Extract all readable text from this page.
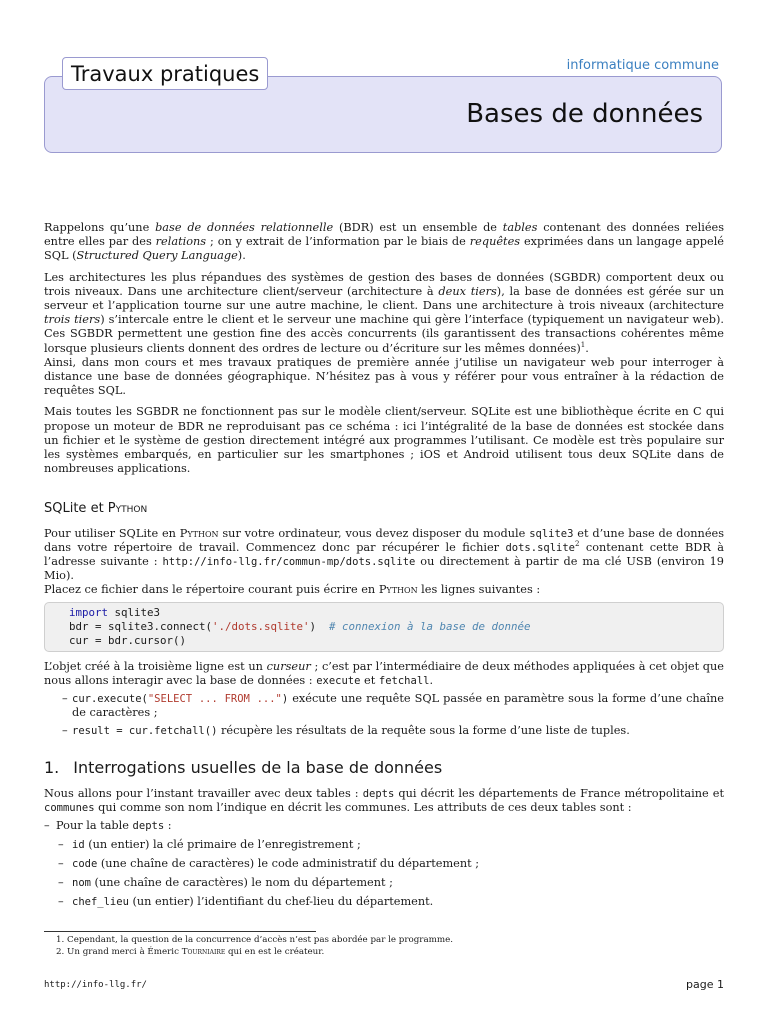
Travaux pratiques	informatique commune
Bases de données

Rappelons qu’une base de données relationnelle (BDR) est un ensemble de tables contenant des données reliées entre elles par des relations ; on y extrait de l’information par le biais de requêtes exprimées dans un langage appelé SQL (Structured Query Language).

Les architectures les plus répandues des systèmes de gestion des bases de données (SGBDR) comportent deux ou trois niveaux. Dans une architecture client/serveur (architecture à deux tiers), la base de données est gérée sur un serveur et l’application tourne sur une autre machine, le client. Dans une architecture à trois niveaux (architecture trois tiers) s’intercale entre le client et le serveur une machine qui gère l’interface (typiquement un navigateur web). Ces SGBDR permettent une gestion fine des accès concurrents (ils garantissent des transactions cohérentes même lorsque plusieurs clients donnent des ordres de lecture ou d’écriture sur les mêmes données)$^1$.

Ainsi, dans mon cours et mes travaux pratiques de première année j’utilise un navigateur web pour interroger à distance une base de données géographique. N’hésitez pas à vous y référer pour vous entraîner à la rédaction de requêtes SQL.

Mais toutes les SGBDR ne fonctionnent pas sur le modèle client/serveur. SQLite est une bibliothèque écrite en C qui propose un moteur de BDR ne reproduisant pas ce schéma : ici l’intégralité de la base de données est stockée dans un fichier et le système de gestion directement intégré aux programmes l’utilisant. Ce modèle est très populaire sur les systèmes embarqués, en particulier sur les smartphones ; iOS et Android utilisent tous deux SQLite dans de nombreuses applications.

SQLite et Python

Pour utiliser SQLite en Python sur votre ordinateur, vous devez disposer du module sqlite3 et d’une base de données dans votre répertoire de travail. Commencez donc par récupérer le fichier dots.sqlite$^2$ contenant cette BDR à l’adresse suivante : http://info-llg.fr/commun-mp/dots.sqlite ou directement à partir de ma clé USB (environ 19 Mio).

Placez ce fichier dans le répertoire courant puis écrire en Python les lignes suivantes :

import sqlite3
bdr = sqlite3.connect('./dots.sqlite')  # connexion à la base de donnée
cur = bdr.cursor()

L’objet créé à la troisième ligne est un curseur ; c’est par l’intermédiaire de deux méthodes appliquées à cet objet que nous allons interagir avec la base de données : execute et fetchall.

– cur.execute("SELECT ... FROM ...") exécute une requête SQL passée en paramètre sous la forme d’une chaîne de caractères ;
– result = cur.fetchall() récupère les résultats de la requête sous la forme d’une liste de tuples.
1. Interrogations usuelles de la base de données

Nous allons pour l’instant travailler avec deux tables : depts qui décrit les départements de France métropolitaine et communes qui comme son nom l’indique en décrit les communes. Les attributs de ces deux tables sont :

– Pour la table depts :
– id (un entier) la clé primaire de l’enregistrement ;
– code (une chaîne de caractères) le code administratif du département ;
– nom (une chaîne de caractères) le nom du département ;
– chef_lieu (un entier) l’identifiant du chef-lieu du département.
1. Cependant, la question de la concurrence d’accès n’est pas abordée par le programme.
2. Un grand merci à Émeric Tourniaire qui en est le créateur.
http://info-llg.fr/	page 1
